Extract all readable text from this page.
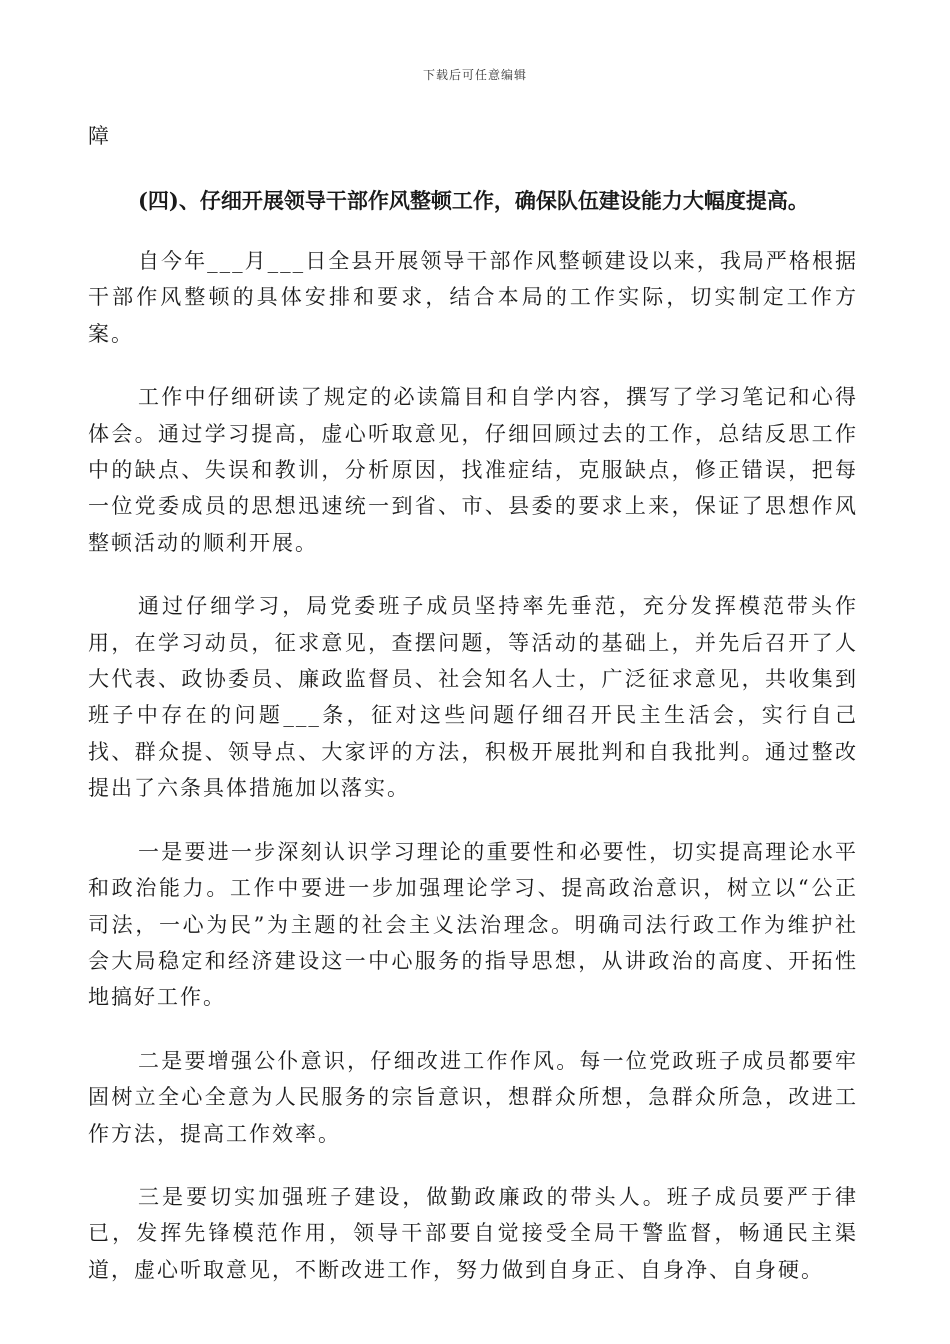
下载后可任意编辑

障

(四)、仔细开展领导干部作风整顿工作，确保队伍建设能力大幅度提高。

自今年___月___日全县开展领导干部作风整顿建设以来，我局严格根据干部作风整顿的具体安排和要求，结合本局的工作实际，切实制定工作方案。

工作中仔细研读了规定的必读篇目和自学内容，撰写了学习笔记和心得体会。通过学习提高，虚心听取意见，仔细回顾过去的工作，总结反思工作中的缺点、失误和教训，分析原因，找准症结，克服缺点，修正错误，把每一位党委成员的思想迅速统一到省、市、县委的要求上来，保证了思想作风整顿活动的顺利开展。

通过仔细学习，局党委班子成员坚持率先垂范，充分发挥模范带头作用，在学习动员，征求意见，查摆问题，等活动的基础上，并先后召开了人大代表、政协委员、廉政监督员、社会知名人士，广泛征求意见，共收集到班子中存在的问题___条，征对这些问题仔细召开民主生活会，实行自己找、群众提、领导点、大家评的方法，积极开展批判和自我批判。通过整改提出了六条具体措施加以落实。

一是要进一步深刻认识学习理论的重要性和必要性，切实提高理论水平和政治能力。工作中要进一步加强理论学习、提高政治意识，树立以“公正司法，一心为民”为主题的社会主义法治理念。明确司法行政工作为维护社会大局稳定和经济建设这一中心服务的指导思想，从讲政治的高度、开拓性地搞好工作。

二是要增强公仆意识，仔细改进工作作风。每一位党政班子成员都要牢固树立全心全意为人民服务的宗旨意识，想群众所想，急群众所急，改进工作方法，提高工作效率。

三是要切实加强班子建设，做勤政廉政的带头人。班子成员要严于律已，发挥先锋模范作用，领导干部要自觉接受全局干警监督，畅通民主渠道，虚心听取意见，不断改进工作，努力做到自身正、自身净、自身硬。
